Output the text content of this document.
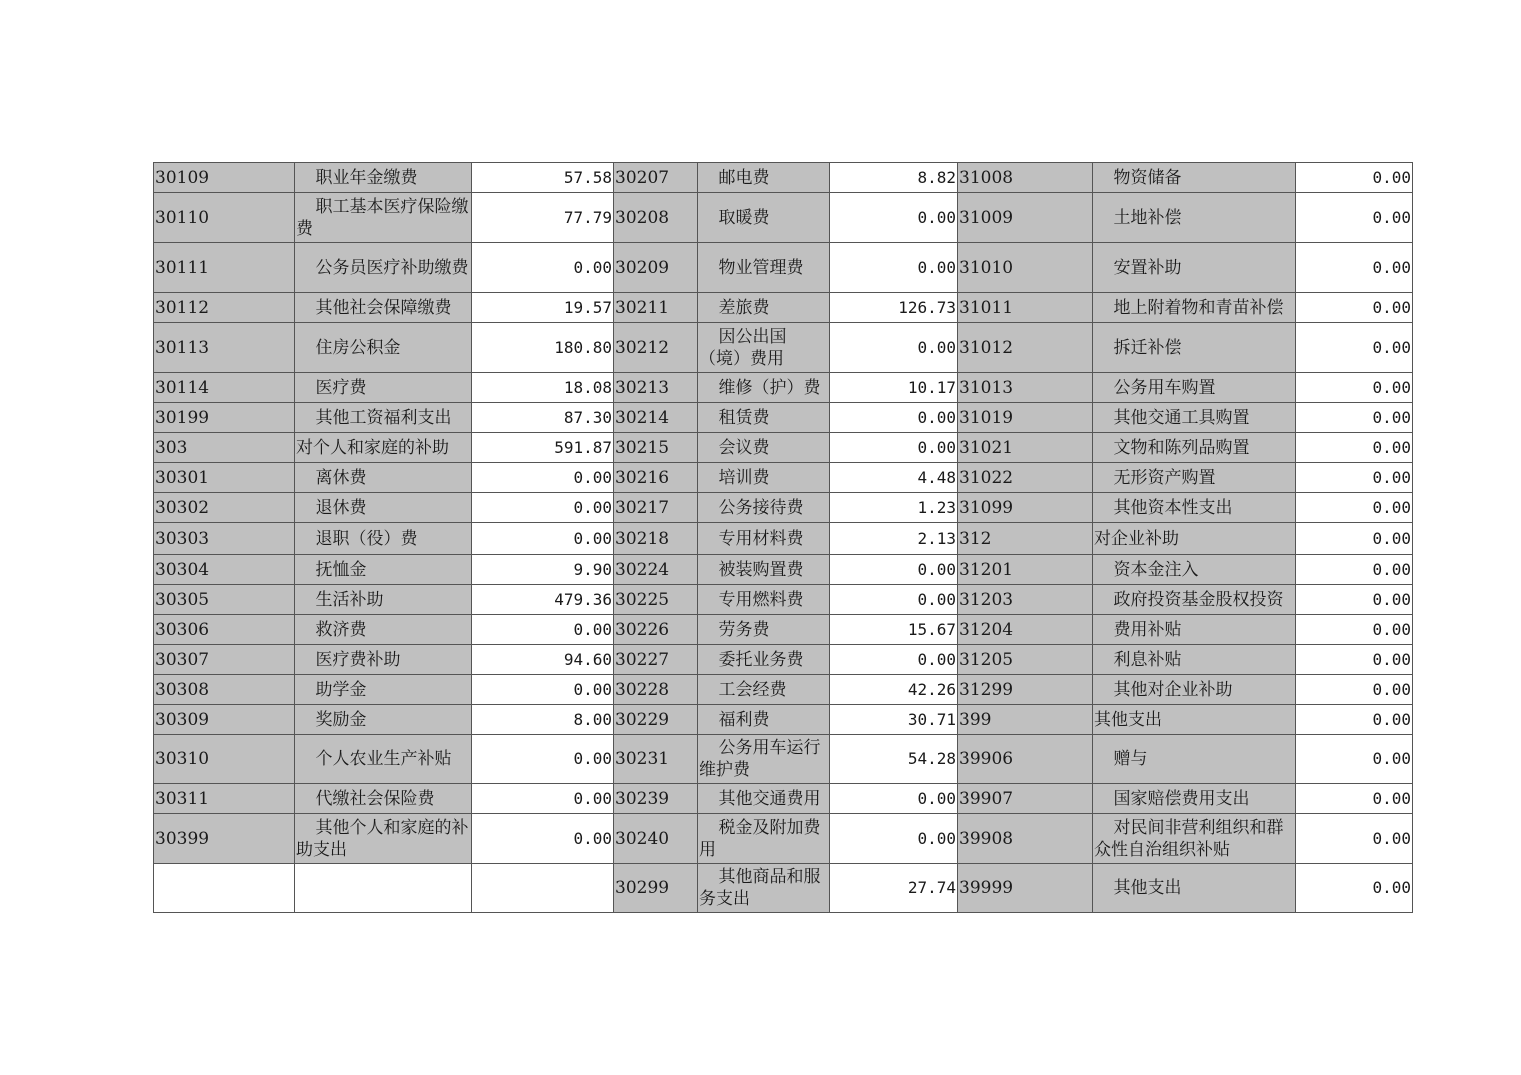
30109	职业年金缴费	57.58	30207	邮电费	8.82	31008	物资储备	0.00
30110	职工基本医疗保险缴费	77.79	30208	取暖费	0.00	31009	土地补偿	0.00
30111	公务员医疗补助缴费	0.00	30209	物业管理费	0.00	31010	安置补助	0.00
30112	其他社会保障缴费	19.57	30211	差旅费	126.73	31011	地上附着物和青苗补偿	0.00
30113	住房公积金	180.80	30212	因公出国（境）费用	0.00	31012	拆迁补偿	0.00
30114	医疗费	18.08	30213	维修（护）费	10.17	31013	公务用车购置	0.00
30199	其他工资福利支出	87.30	30214	租赁费	0.00	31019	其他交通工具购置	0.00
303	对个人和家庭的补助	591.87	30215	会议费	0.00	31021	文物和陈列品购置	0.00
30301	离休费	0.00	30216	培训费	4.48	31022	无形资产购置	0.00
30302	退休费	0.00	30217	公务接待费	1.23	31099	其他资本性支出	0.00
30303	退职（役）费	0.00	30218	专用材料费	2.13	312	对企业补助	0.00
30304	抚恤金	9.90	30224	被装购置费	0.00	31201	资本金注入	0.00
30305	生活补助	479.36	30225	专用燃料费	0.00	31203	政府投资基金股权投资	0.00
30306	救济费	0.00	30226	劳务费	15.67	31204	费用补贴	0.00
30307	医疗费补助	94.60	30227	委托业务费	0.00	31205	利息补贴	0.00
30308	助学金	0.00	30228	工会经费	42.26	31299	其他对企业补助	0.00
30309	奖励金	8.00	30229	福利费	30.71	399	其他支出	0.00
30310	个人农业生产补贴	0.00	30231	公务用车运行维护费	54.28	39906	赠与	0.00
30311	代缴社会保险费	0.00	30239	其他交通费用	0.00	39907	国家赔偿费用支出	0.00
30399	其他个人和家庭的补助支出	0.00	30240	税金及附加费用	0.00	39908	对民间非营利组织和群众性自治组织补贴	0.00
			30299	其他商品和服务支出	27.74	39999	其他支出	0.00
